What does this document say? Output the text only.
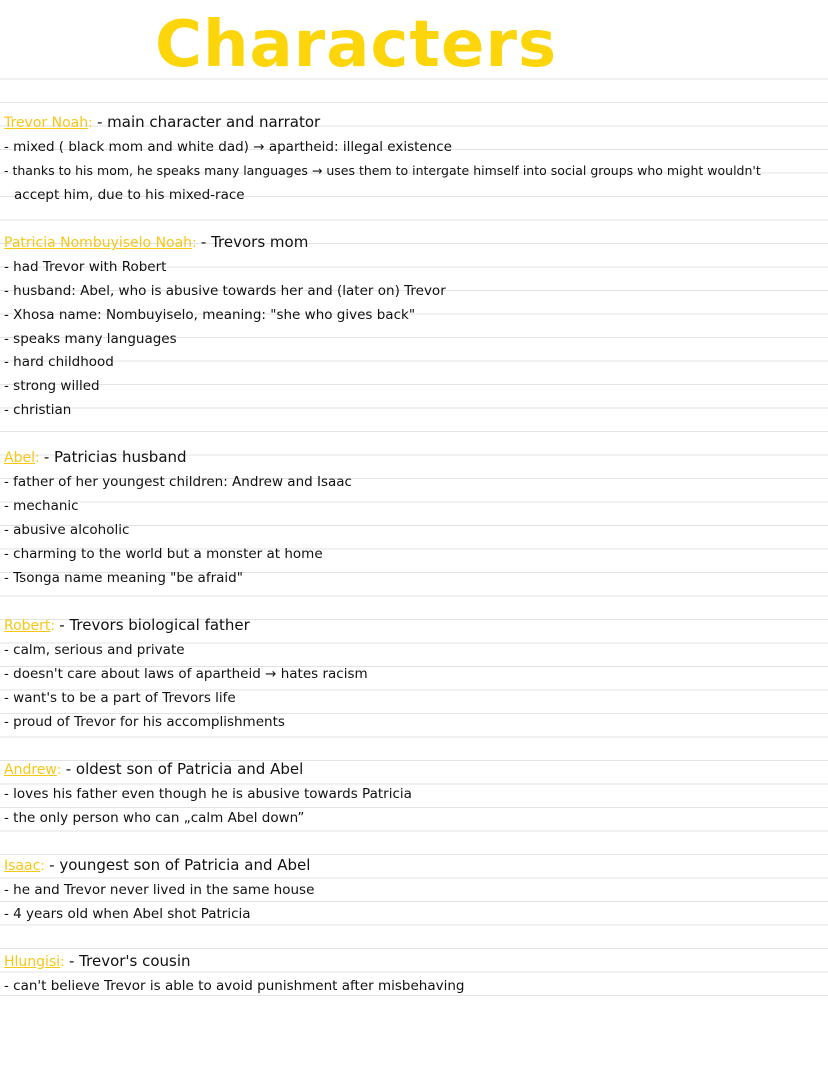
Characters
Trevor Noah: - main character and narrator
- mixed ( black mom and white dad) → apartheid: illegal existence
- thanks to his mom, he speaks many languages → uses them to intergate himself into social groups who might wouldn't
accept him, due to his mixed-race
Patricia Nombuyiselo Noah: - Trevors mom
- had Trevor with Robert
- husband: Abel, who is abusive towards her and (later on) Trevor
- Xhosa name: Nombuyiselo, meaning: "she who gives back"
- speaks many languages
- hard childhood
- strong willed
- christian
Abel: - Patricias husband
- father of her youngest children: Andrew and Isaac
- mechanic
- abusive alcoholic
- charming to the world but a monster at home
- Tsonga name meaning "be afraid"
Robert: - Trevors biological father
- calm, serious and private
- doesn't care about laws of apartheid → hates racism
- want's to be a part of Trevors life
- proud of Trevor for his accomplishments
Andrew: - oldest son of Patricia and Abel
- loves his father even though he is abusive towards Patricia
- the only person who can „calm Abel down”
Isaac: - youngest son of Patricia and Abel
- he and Trevor never lived in the same house
- 4 years old when Abel shot Patricia
Hlungisi: - Trevor's cousin
- can't believe Trevor is able to avoid punishment after misbehaving
